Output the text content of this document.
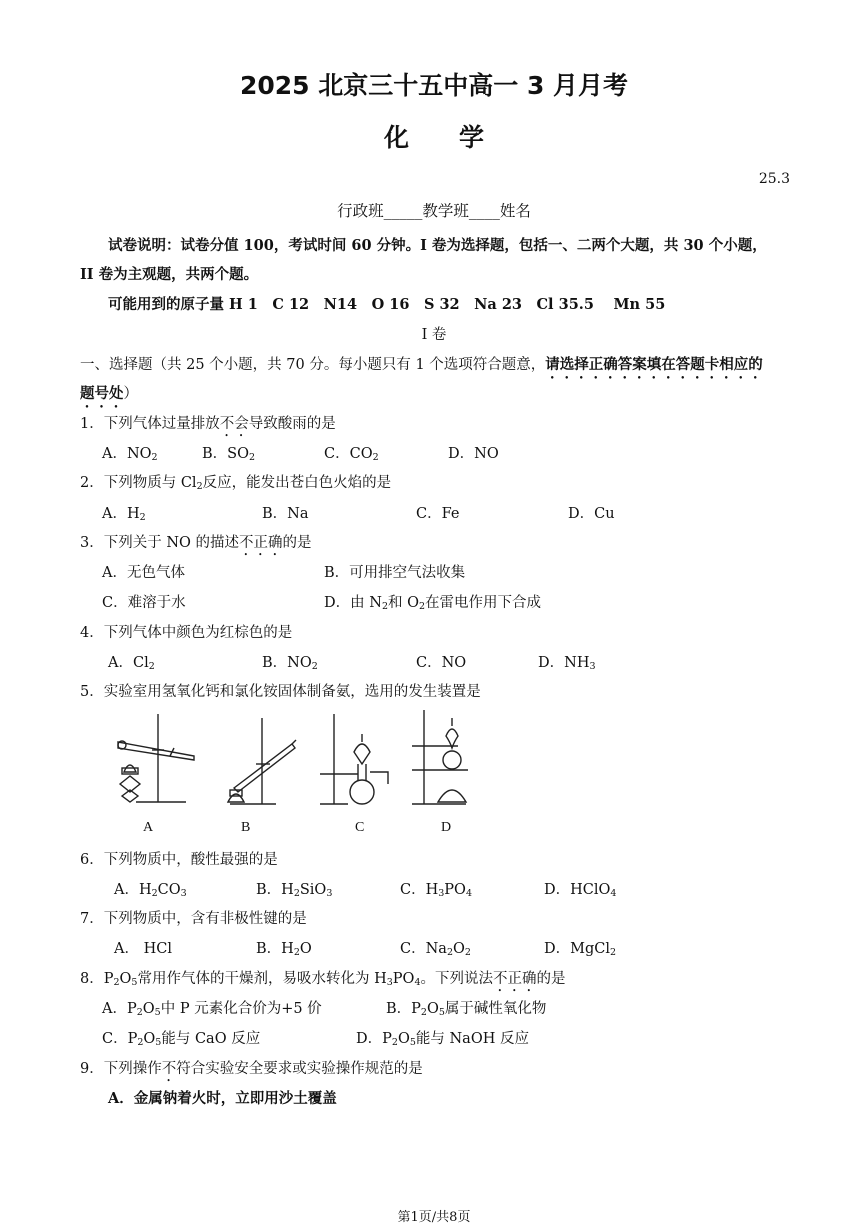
2025 北京三十五中高一 3 月月考
化　　学
25.3
行政班_____教学班____姓名
试卷说明：试卷分值 100，考试时间 60 分钟。I 卷为选择题，包括一、二两个大题，共 30 个小题，
II 卷为主观题，共两个题。
可能用到的原子量 H 1　C 12　N14　O 16　S 32　Na 23　Cl 35.5　 Mn 55
I 卷
一、选择题（共 25 个小题，共 70 分。每小题只有 1 个选项符合题意，请选择正确答案填在答题卡相应的
题号处）
1．下列气体过量排放不会导致酸雨的是
A．$NO_2$	B．$SO_2$	C．$CO_2$	D．NO
2．下列物质与 $Cl_2$反应，能发出苍白色火焰的是
A．$H_2$	B．Na	C．Fe	D．Cu
3．下列关于 NO 的描述不正确的是
A．无色气体	B．可用排空气法收集
C．难溶于水	D．由 $N_2$和 $O_2$在雷电作用下合成
4．下列气体中颜色为红棕色的是
A．$Cl_2$	B．$NO_2$	C．NO	D．$NH_3$
5．实验室用氢氧化钙和氯化铵固体制备氨，选用的发生装置是
A	B	C	D
6．下列物质中，酸性最强的是
A．$H_2CO_3$	B．$H_2SiO_3$	C．$H_3PO_4$	D．HClO$_4$
7．下列物质中，含有非极性键的是
A． HCl	B．$H_2O$	C．$Na_2O_2$	D．MgCl$_2$
8．$P_2O_5$常用作气体的干燥剂，易吸水转化为 $H_3PO_4$。下列说法不正确的是
A．$P_2O_5$中 P 元素化合价为+5 价	B．$P_2O_5$属于碱性氧化物
C．$P_2O_5$能与 CaO 反应	D．$P_2O_5$能与 NaOH 反应
9．下列操作不符合实验安全要求或实验操作规范的是
A．金属钠着火时，立即用沙土覆盖
第1页/共8页
